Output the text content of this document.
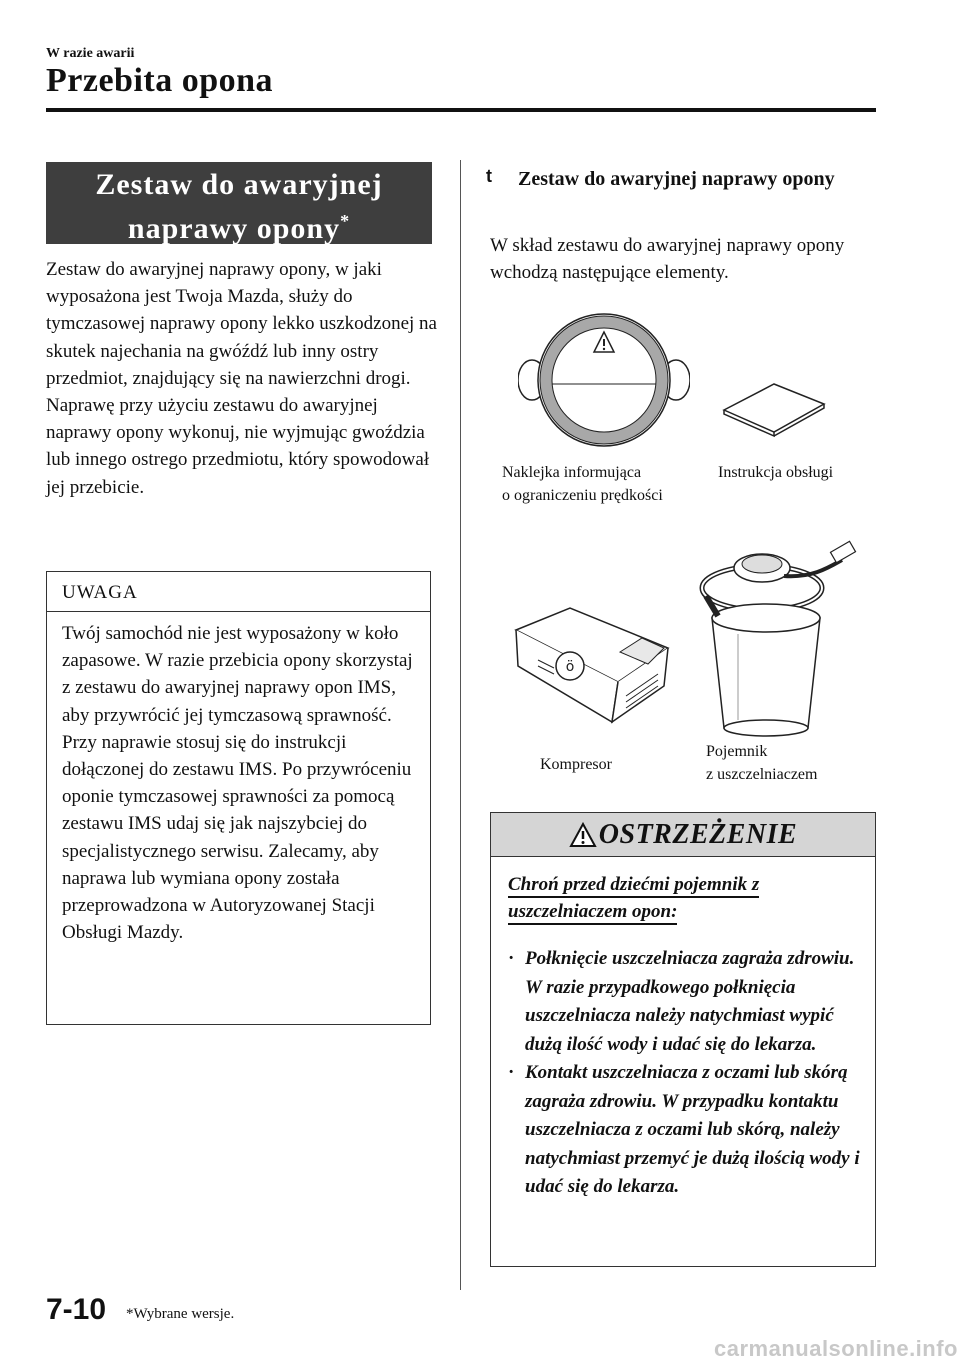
W razie awarii
Przebita opona
Zestaw do awaryjnej
naprawy opony*
Zestaw do awaryjnej naprawy opony, w jaki wyposażona jest Twoja Mazda, służy do tymczasowej naprawy opony lekko uszkodzonej na skutek najechania na gwóźdź lub inny ostry przedmiot, znajdujący się na nawierzchni drogi. Naprawę przy użyciu zestawu do awaryjnej naprawy opony wykonuj, nie wyjmując gwoździa lub innego ostrego przedmiotu, który spowodował jej przebicie.
UWAGA
Twój samochód nie jest wyposażony w koło zapasowe. W razie przebicia opony skorzystaj z zestawu do awaryjnej naprawy opon IMS, aby przywrócić jej tymczasową sprawność. Przy naprawie stosuj się do instrukcji dołączonej do zestawu IMS. Po przywróceniu oponie tymczasowej sprawności za pomocą zestawu IMS udaj się jak najszybciej do specjalistycznego serwisu. Zalecamy, aby naprawa lub wymiana opony została przeprowadzona w Autoryzowanej Stacji Obsługi Mazdy.
t Zestaw do awaryjnej naprawy opony
W skład zestawu do awaryjnej naprawy opony wchodzą następujące elementy.
Naklejka informująca
o ograniczeniu prędkości
Instrukcja obsługi
ö
Kompresor
Pojemnik
z uszczelniaczem
OSTRZEŻENIE
Chroń przed dziećmi pojemnik z uszczelniaczem opon:
· Połknięcie uszczelniacza zagraża zdrowiu. W razie przypadkowego połknięcia uszczelniacza należy natychmiast wypić dużą ilość wody i udać się do lekarza.
· Kontakt uszczelniacza z oczami lub skórą zagraża zdrowiu. W przypadku kontaktu uszczelniacza z oczami lub skórą, należy natychmiast przemyć je dużą ilością wody i udać się do lekarza.
7-10 *Wybrane wersje.
carmanualsonline.info
